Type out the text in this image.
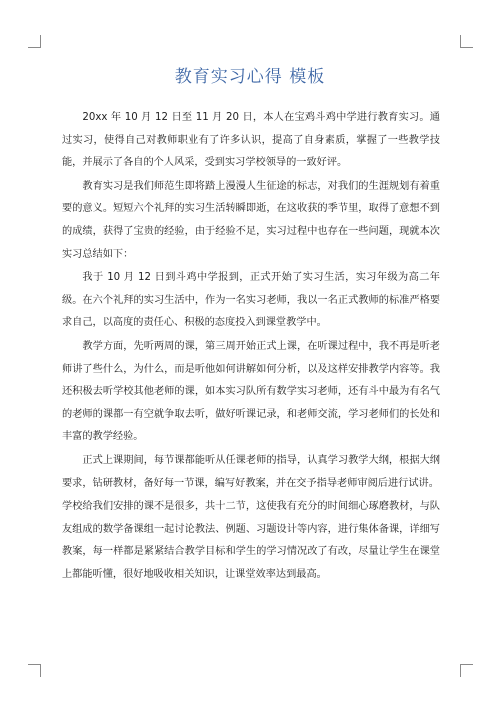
教育实习心得 模板

20xx 年 10 月 12 日至 11 月 20 日，本人在宝鸡斗鸡中学进行教育实习。通过实习，使得自己对教师职业有了许多认识，提高了自身素质，掌握了一些教学技能，并展示了各自的个人风采，受到实习学校领导的一致好评。

教育实习是我们师范生即将踏上漫漫人生征途的标志，对我们的生涯规划有着重要的意义。短短六个礼拜的实习生活转瞬即逝，在这收获的季节里，取得了意想不到的成绩，获得了宝贵的经验，由于经验不足，实习过程中也存在一些问题，现就本次实习总结如下：

我于 10 月 12 日到斗鸡中学报到，正式开始了实习生活，实习年级为高二年级。在六个礼拜的实习生活中，作为一名实习老师，我以一名正式教师的标准严格要求自己，以高度的责任心、积极的态度投入到课堂教学中。

教学方面，先听两周的课，第三周开始正式上课，在听课过程中，我不再是听老师讲了些什么，为什么，而是听他如何讲解如何分析，以及这样安排教学内容等。我还积极去听学校其他老师的课，如本实习队所有数学实习老师，还有斗中最为有名气的老师的课都一有空就争取去听，做好听课记录，和老师交流，学习老师们的长处和丰富的教学经验。

正式上课期间，每节课都能听从任课老师的指导，认真学习教学大纲，根据大纲要求，钻研教材，备好每一节课，编写好教案，并在交予指导老师审阅后进行试讲。

学校给我们安排的课不是很多，共十二节，这使我有充分的时间细心琢磨教材，与队友组成的数学备课组一起讨论教法、例题、习题设计等内容，进行集体备课，详细写教案，每一样都是紧紧结合教学目标和学生的学习情况改了有改，尽量让学生在课堂上都能听懂，很好地吸收相关知识，让课堂效率达到最高。
